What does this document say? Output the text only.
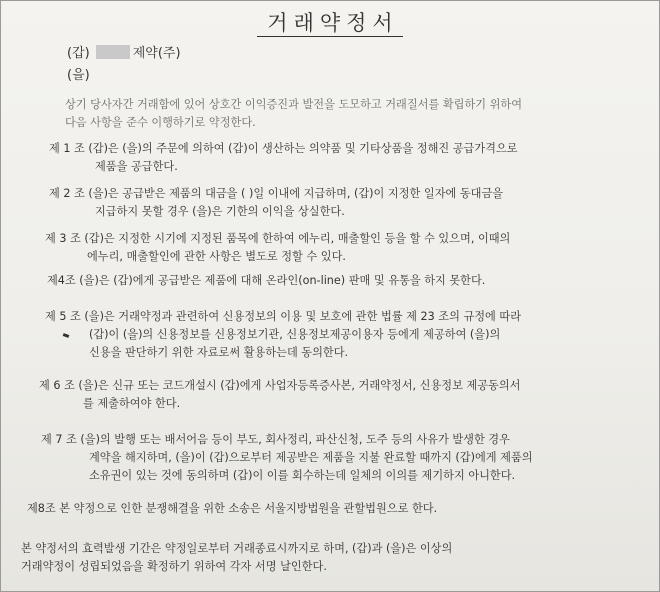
거래약정서
(갑)	제약(주)
(을)
상기 당사자간 거래함에 있어 상호간 이익증진과 발전을 도모하고 거래질서를 확립하기 위하여
다음 사항을 준수 이행하기로 약정한다.
제 1 조 (갑)은 (을)의 주문에 의하여 (갑)이 생산하는 의약품 및 기타상품을 정해진 공급가격으로
제품을 공급한다.
제 2 조 (을)은 공급받은 제품의 대금을 ( )일 이내에 지급하며, (갑)이 지정한 일자에 동대금을
지급하지 못할 경우 (을)은 기한의 이익을 상실한다.
제 3 조 (갑)은 지정한 시기에 지정된 품목에 한하여 에누리, 매출할인 등을 할 수 있으며, 이때의
에누리, 매출할인에 관한 사항은 별도로 정할 수 있다.
제4조 (을)은 (갑)에게 공급받은 제품에 대해 온라인(on-line) 판매 및 유통을 하지 못한다.
제 5 조 (을)은 거래약정과 관련하여 신용정보의 이용 및 보호에 관한 법률 제 23 조의 규정에 따라
(갑)이 (을)의 신용정보를 신용정보기관, 신용정보제공이용자 등에게 제공하여 (을)의
신용을 판단하기 위한 자료로써 활용하는데 동의한다.
제 6 조 (을)은 신규 또는 코드개설시 (갑)에게 사업자등록증사본, 거래약정서, 신용정보 제공동의서
를 제출하여야 한다.
제 7 조 (을)의 발행 또는 배서어음 등이 부도, 회사정리, 파산신청, 도주 등의 사유가 발생한 경우
계약을 해지하며, (을)이 (갑)으로부터 제공받은 제품을 지불 완료할 때까지 (갑)에게 제품의
소유권이 있는 것에 동의하며 (갑)이 이를 회수하는데 일체의 이의를 제기하지 아니한다.
제8조 본 약정으로 인한 분쟁해결을 위한 소송은 서울지방법원을 관할법원으로 한다.
본 약정서의 효력발생 기간은 약정일로부터 거래종료시까지로 하며, (갑)과 (을)은 이상의
거래약정이 성립되었음을 확정하기 위하여 각자 서명 날인한다.
